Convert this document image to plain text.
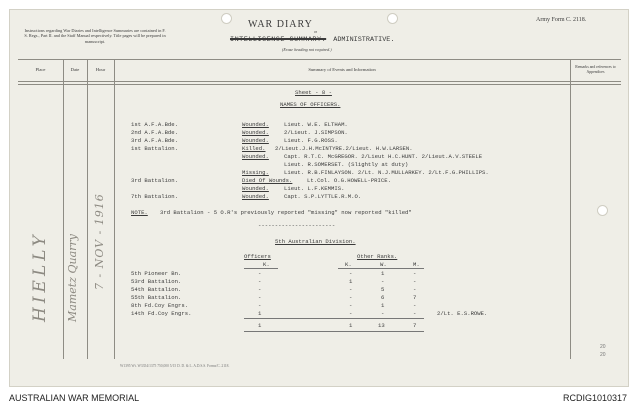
Instructions regarding War Diaries and Intelligence Summaries are contained in F. S. Regs., Part II. and the Staff Manual respectively. Title pages will be prepared in manuscript.
WAR DIARY
or
INTELLIGENCE SUMMARY. ADMINISTRATIVE.
(Erase heading not required.)
Army Form C. 2118.
Place	Date	Hour	Summary of Events and Information	Remarks and references to Appendices
Sheet - 8 -
NAMES OF OFFICERS.
1st A.F.A.Bde.	Wounded.	Lieut. W.E. ELTHAM.
2nd A.F.A.Bde.	Wounded.	2/Lieut. J.SIMPSON.
3rd A.F.A.Bde.	Wounded.	Lieut. F.G.ROSS.
1st Battalion.	Killed. 2/Lieut.J.H.McINTYRE.2/Lieut. H.W.LARSEN.
Wounded.	Capt. R.T.C. McGREGOR. 2/Lieut H.C.HUNT. 2/Lieut.A.V.STEELE
Lieut. R.SOMERSET. (Slightly at duty)
Missing.	Lieut. R.B.FINLAYSON. 2/Lt. N.J.MULLARKEY. 2/Lt.F.G.PHILLIPS.
3rd Battalion.	Died Of Wounds.	Lt.Col. O.G.HOWELL-PRICE.
Wounded.	Lieut. L.F.KEMMIS.
7th Battalion.	Wounded.	Capt. S.P.LYTTLE.R.M.O.
NOTE. 3rd Battalion - 5 O.R's previously reported "missing" now reported "killed"
-----------------------
5th Australian Division.
Officers	Other Ranks.
K.	K.	W.	M.
5th Pioneer Bn.	-	-	1	-
53rd Battalion.	-	1	-	-
54th Battalion.	-	-	5	-
55th Battalion.	-	-	6	7
8th Fd.Coy Engrs.	-	-	1	-
14th Fd.Coy Engrs.	1	-	-	-	2/Lt. E.S.ROWE.
1	1	13	7
HIELLY Mametz Quarry 7 - NOV - 1916
W1395 Wt. W3354/1375 750,000 5/15 D. D. & L. A.D.S.S. Forms/C. 2118.
20
20
AUSTRALIAN WAR MEMORIAL	RCDIG1010317
